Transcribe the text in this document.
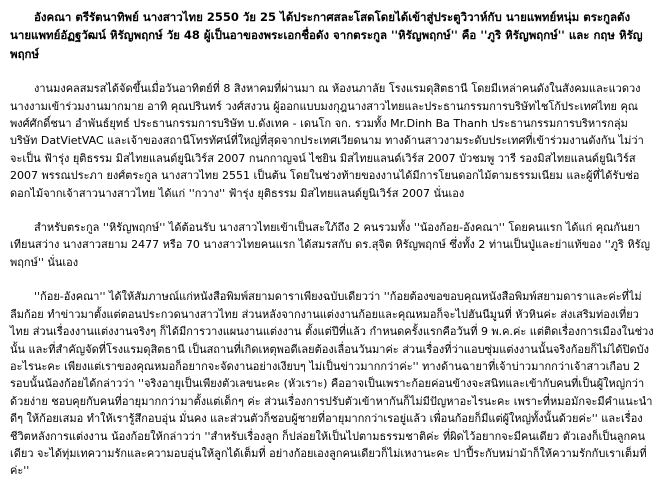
อังคณา ตรีรัตนาทิพย์ นางสาวไทย 2550 วัย 25 ได้ประกาศสละโสดโดยได้เข้าสู่ประตูวิวาห์กับ นายแพทย์หนุ่ม ตระกูลดัง นายแพทย์อัฏฐวัฒน์ หิรัญพฤกษ์ วัย 48 ผู้เป็นอาของพระเอกชื่อดัง จากตระกูล ''หิรัญพฤกษ์'' คือ ''ภูริ หิรัญพฤกษ์'' และ กฤษ หิรัญพฤกษ์

งานมงคลสมรสได้จัดขึ้นเมื่อวันอาทิตย์ที่ 8 สิงหาคมที่ผ่านมา ณ ห้องนภาลัย โรงแรมดุสิตธานี โดยมีเหล่าคนดังในสังคมและแวดวงนางงามเข้าร่วมงานมากมาย อาทิ คุณปรินทร์ วงศ์สงวน ผู้ออกแบบมงกุฎนางสาวไทยและประธานกรรมการบริษัทไชโก้ประเทศไทย คุณพงศ์ศักดิ์ชนา อำพันธ์ยุทธ์ ประธานกรรมการบริษัท บ.ดังเทค - เดนโก จก. รวมทั้ง Mr.Dinh Ba Thanh ประธานกรรมการบริหารกลุ่มบริษัท DatVietVAC และเจ้าของสถานีโทรทัศน์ที่ใหญ่ที่สุดจากประเทศเวียดนาม ทางด้านสาวงามระดับประเทศที่เข้าร่วมงานดังกัน ไม่ว่าจะเป็น ฟ้ารุ่ง ยุติธรรม มิสไทยแลนด์ยูนิเวิร์ส 2007 กนกกาญจน์ ไชยิน มิสไทยแลนด์เวิร์ส 2007 บัวชมพู วารี รองมิสไทยแลนด์ยูนิเวิร์ส 2007 พรรณประภา ยงศ์ตระกูล นางสาวไทย 2551 เป็นต้น โดยในช่วงท้ายของงานได้มีการโยนดอกไม้ตามธรรมเนียม และผู้ที่ได้รับช่อดอกไม้จากเจ้าสาวนางสาวไทย ได้แก่ ''กวาง'' ฟ้ารุ่ง ยุติธรรม มิสไทยแลนด์ยูนิเวิร์ส 2007 นั่นเอง

สำหรับตระกูล ''หิรัญพฤกษ์'' ได้ต้อนรับ นางสาวไทยเข้าเป็นสะใภ้ถึง 2 คนรวมทั้ง ''น้องก้อย-อังคณา'' โดยคนแรก ได้แก่ คุณกันยา เทียนสว่าง นางสาวสยาม 2477 หรือ 70 นางสาวไทยคนแรก ได้สมรสกับ ดร.สุจิต หิรัญพฤกษ์ ซึ่งทั้ง 2 ท่านเป็นปู่และย่าแท้ของ ''ภูริ หิรัญพฤกษ์'' นั่นเอง

''ก้อย-อังคณา'' ได้ให้สัมภาษณ์แก่หนังสือพิมพ์สยามดาราเพียงฉบับเดียวว่า ''ก้อยต้องขอขอบคุณหนังสือพิมพ์สยามดาราและค่ะที่ไม่ลืมก้อย ทำข่าวมาตั้งแต่ตอนประกวดนางสาวไทย ส่วนหลังจากงานแต่งงานก้อยและคุณหมอก็จะไปฮันนีมูนที่ หัวหินค่ะ ส่งเสริมท่องเที่ยวไทย ส่วนเรื่องงานแต่งงานจริงๆ ก็ได้มีการวางแผนงานแต่งงาน ตั้งแต่ปีที่แล้ว กำหนดครั้งแรกคือวันที่ 9 พ.ค.ค่ะ แต่ติดเรื่องการเมืองในช่วงนั้น และที่สำคัญจัดที่โรงแรมดุสิตธานี เป็นสถานที่เกิดเหตุพอดีเลยต้องเลื่อนวันมาค่ะ ส่วนเรื่องที่ว่าแอบซุ่มแต่งงานนั้นจริงก้อยก็ไม่ได้ปิดบังอะไรนะคะ เพียงแต่เราของคุณหมอก็อยากจะจัดงานอย่างเงียบๆ ไม่เป็นข่าวมากกว่าค่ะ'' ทางด้านฉายาที่เจ้าบ่าวมากกว่าเจ้าสาวเกือบ 2 รอบนั้นน้องก้อยได้กล่าวว่า ''จริงอายุเป็นเพียงตัวเลขนะคะ (หัวเราะ) คืออาจเป็นเพราะก้อยค่อนข้างจะสนิทและเข้ากับคนที่เป็นผู้ใหญ่กว่าด้วยง่าย ชอบคุยกับคนที่อายุมากกว่ามาตั้งแต่เด็กๆ ค่ะ ส่วนเรื่องการปรับตัวเข้าหากันก็ไม่มีปัญหาอะไรนะคะ เพราะที่หมอมักจะมีคำแนะนำดีๆ ให้ก้อยเสมอ ทำให้เรารู้สึกอบอุ่น มั่นคง และส่วนตัวก็ชอบผู้ชายที่อายุมากกว่าเรอยู่แล้ว เพื่อนก้อยก็มีแต่ผู้ใหญ่ทั้งนั้นด้วยค่ะ'' และเรื่องชีวิตหลังการแต่งงาน น้องก้อยให้กล่าวว่า ''สำหรับเรื่องลูก ก็ปล่อยให้เป็นไปตามธรรมชาติค่ะ ที่ผิดไว้อยากจะมีคนเดียว ตัวเองก็เป็นลูกคนเดียว จะได้ทุ่มเทความรักและความอบอุ่นให้ลูกได้เต็มที่ อย่างก้อยเองลูกคนเดียวก็ไม่เหงานะคะ ปาปี้ระกับหม่าม้าก็ให้ความรักกับเราเต็มที่ค่ะ''
